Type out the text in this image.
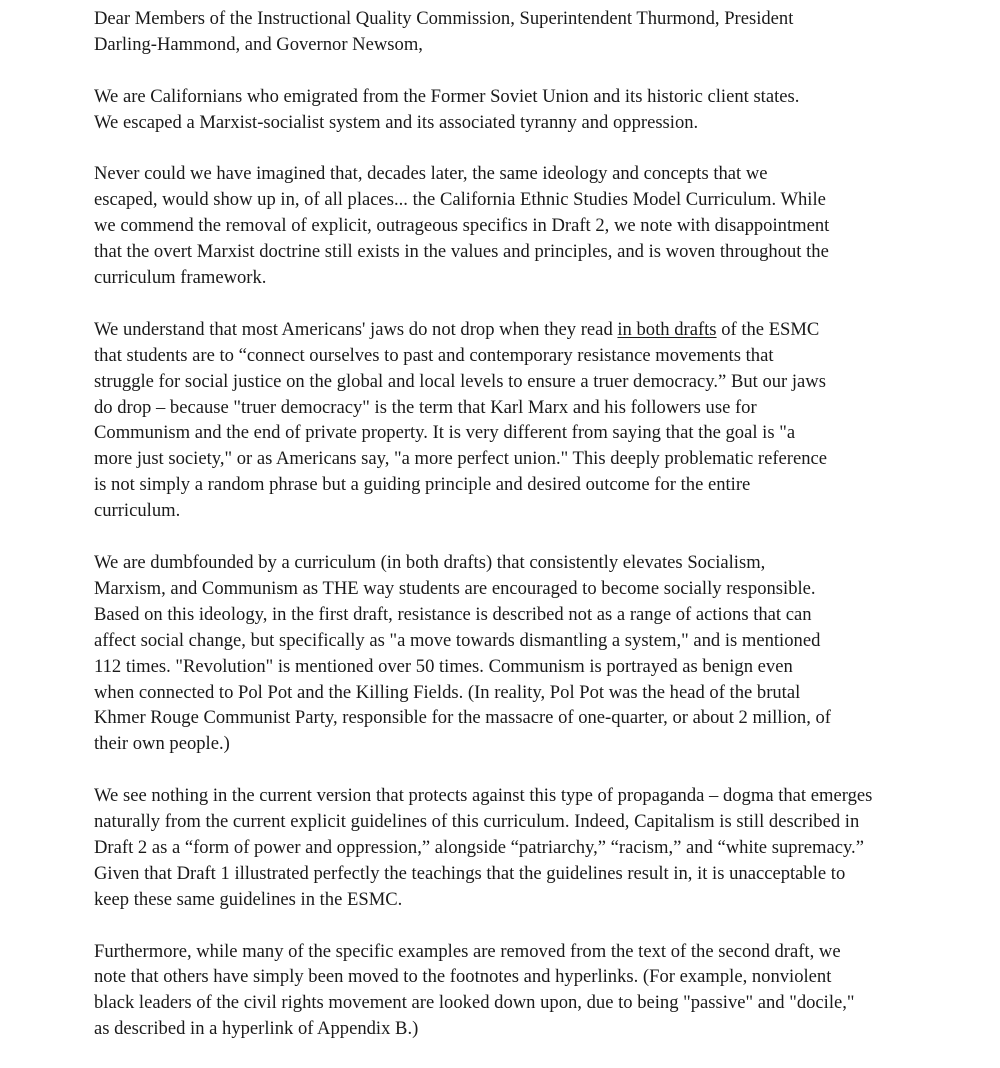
Dear Members of the Instructional Quality Commission, Superintendent Thurmond, President
Darling-Hammond, and Governor Newsom,

We are Californians who emigrated from the Former Soviet Union and its historic client states.
We escaped a Marxist-socialist system and its associated tyranny and oppression.

Never could we have imagined that, decades later, the same ideology and concepts that we
escaped, would show up in, of all places... the California Ethnic Studies Model Curriculum. While
we commend the removal of explicit, outrageous specifics in Draft 2, we note with disappointment
that the overt Marxist doctrine still exists in the values and principles, and is woven throughout the
curriculum framework.

We understand that most Americans' jaws do not drop when they read in both drafts of the ESMC
that students are to “connect ourselves to past and contemporary resistance movements that
struggle for social justice on the global and local levels to ensure a truer democracy.” But our jaws
do drop – because "truer democracy" is the term that Karl Marx and his followers use for
Communism and the end of private property. It is very different from saying that the goal is "a
more just society," or as Americans say, "a more perfect union." This deeply problematic reference
is not simply a random phrase but a guiding principle and desired outcome for the entire
curriculum.

We are dumbfounded by a curriculum (in both drafts) that consistently elevates Socialism,
Marxism, and Communism as THE way students are encouraged to become socially responsible.
Based on this ideology, in the first draft, resistance is described not as a range of actions that can
affect social change, but specifically as "a move towards dismantling a system," and is mentioned
112 times. "Revolution" is mentioned over 50 times. Communism is portrayed as benign even
when connected to Pol Pot and the Killing Fields. (In reality, Pol Pot was the head of the brutal
Khmer Rouge Communist Party, responsible for the massacre of one-quarter, or about 2 million, of
their own people.)

We see nothing in the current version that protects against this type of propaganda – dogma that emerges
naturally from the current explicit guidelines of this curriculum. Indeed, Capitalism is still described in
Draft 2 as a “form of power and oppression,” alongside “patriarchy,” “racism,” and “white supremacy.”
Given that Draft 1 illustrated perfectly the teachings that the guidelines result in, it is unacceptable to
keep these same guidelines in the ESMC.

Furthermore, while many of the specific examples are removed from the text of the second draft, we
note that others have simply been moved to the footnotes and hyperlinks. (For example, nonviolent
black leaders of the civil rights movement are looked down upon, due to being "passive" and "docile,"
as described in a hyperlink of Appendix B.)
